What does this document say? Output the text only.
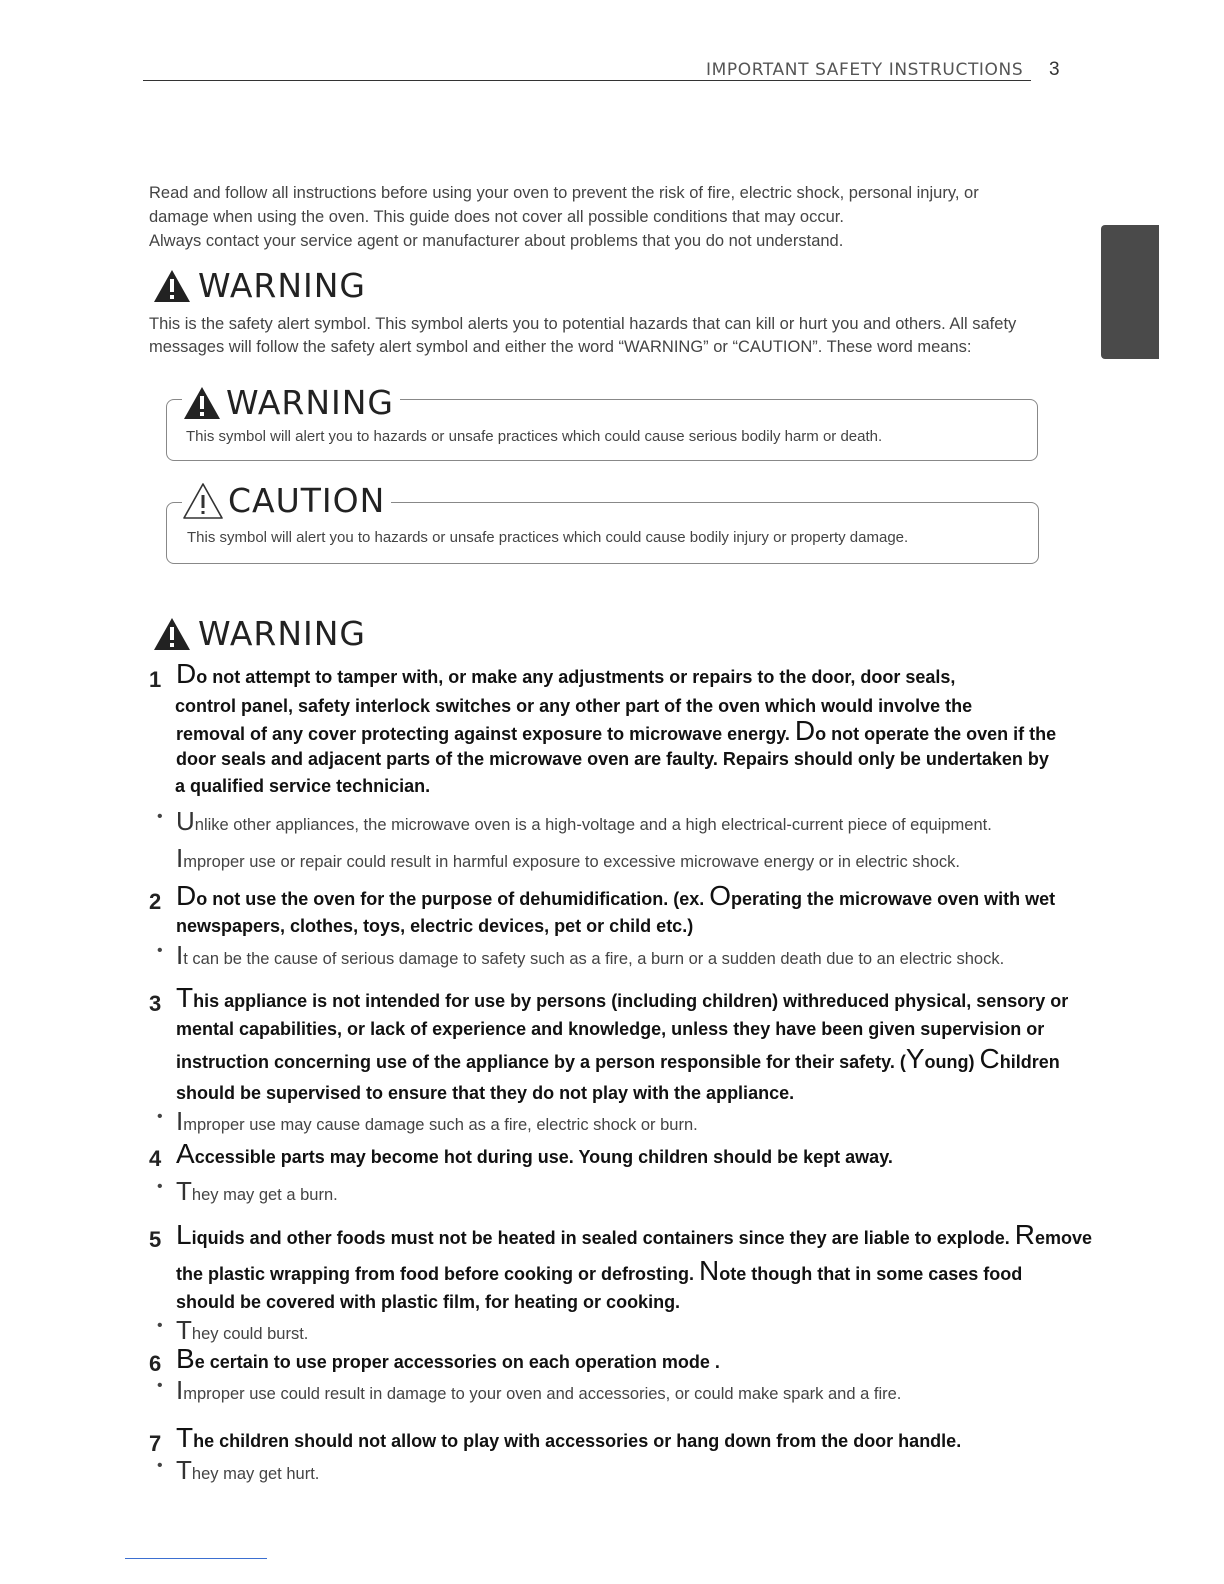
IMPORTANT SAFETY INSTRUCTIONS 3
Read and follow all instructions before using your oven to prevent the risk of fire, electric shock, personal injury, or
damage when using the oven. This guide does not cover all possible conditions that may occur.
Always contact your service agent or manufacturer about problems that you do not understand.
WARNING
This is the safety alert symbol. This symbol alerts you to potential hazards that can kill or hurt you and others. All safety
messages will follow the safety alert symbol and either the word “WARNING” or “CAUTION”. These word means:
WARNING
This symbol will alert you to hazards or unsafe practices which could cause serious bodily harm or death.
CAUTION
This symbol will alert you to hazards or unsafe practices which could cause bodily injury or property damage.
WARNING
1 Do not attempt to tamper with, or make any adjustments or repairs to the door, door seals,
control panel, safety interlock switches or any other part of the oven which would involve the
removal of any cover protecting against exposure to microwave energy. Do not operate the oven if the
door seals and adjacent parts of the microwave oven are faulty. Repairs should only be undertaken by
a qualified service technician.
• Unlike other appliances, the microwave oven is a high-voltage and a high electrical-current piece of equipment.
Improper use or repair could result in harmful exposure to excessive microwave energy or in electric shock.
2 Do not use the oven for the purpose of dehumidification. (ex. Operating the microwave oven with wet
newspapers, clothes, toys, electric devices, pet or child etc.)
• It can be the cause of serious damage to safety such as a fire, a burn or a sudden death due to an electric shock.
3 This appliance is not intended for use by persons (including children) withreduced physical, sensory or
mental capabilities, or lack of experience and knowledge, unless they have been given supervision or
instruction concerning use of the appliance by a person responsible for their safety. (Young) Children
should be supervised to ensure that they do not play with the appliance.
• Improper use may cause damage such as a fire, electric shock or burn.
4 Accessible parts may become hot during use. Young children should be kept away.
• They may get a burn.
5 Liquids and other foods must not be heated in sealed containers since they are liable to explode. Remove
the plastic wrapping from food before cooking or defrosting. Note though that in some cases food
should be covered with plastic film, for heating or cooking.
• They could burst.
6 Be certain to use proper accessories on each operation mode .
• Improper use could result in damage to your oven and accessories, or could make spark and a fire.
7 The children should not allow to play with accessories or hang down from the door handle.
• They may get hurt.
